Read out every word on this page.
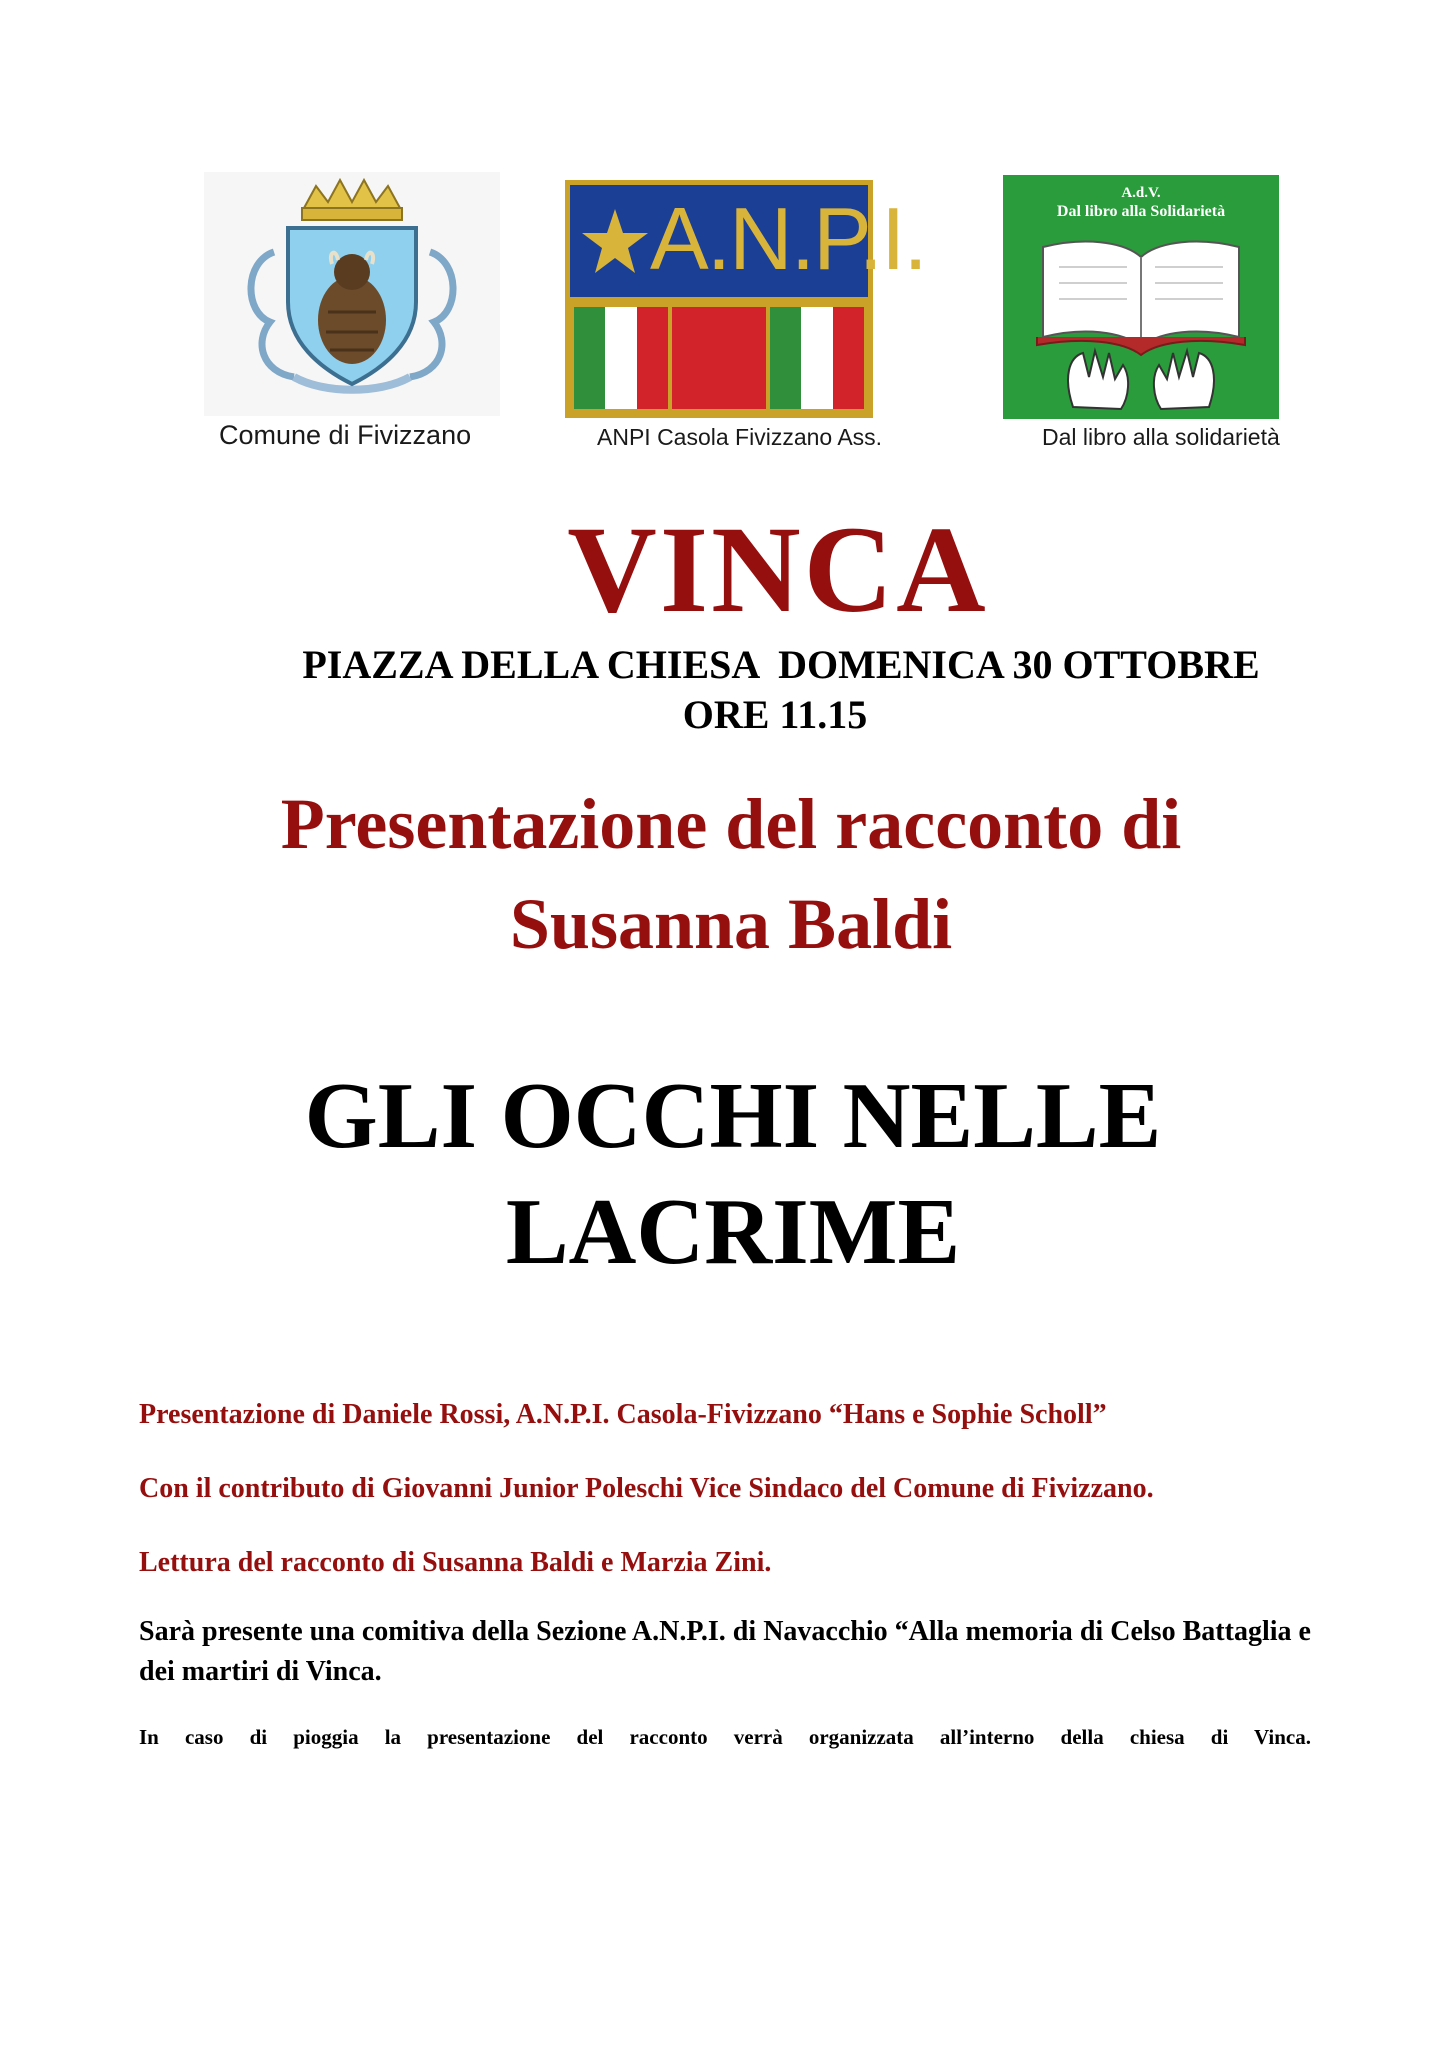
Comune di Fivizzano
A.N.P.I.
ANPI Casola Fivizzano Ass.
A.d.V.
Dal libro alla Solidarietà
Dal libro alla solidarietà
VINCA
PIAZZA DELLA CHIESA  DOMENICA 30 OTTOBRE
ORE 11.15
Presentazione del racconto di
Susanna Baldi
GLI OCCHI NELLE
LACRIME
Presentazione di Daniele Rossi, A.N.P.I. Casola-Fivizzano “Hans e Sophie Scholl”
Con il contributo di Giovanni Junior Poleschi Vice Sindaco del Comune di Fivizzano.
Lettura del racconto di Susanna Baldi e Marzia Zini.
Sarà presente una comitiva della Sezione A.N.P.I. di Navacchio “Alla memoria di Celso Battaglia e dei martiri di Vinca.
In caso di pioggia la presentazione del racconto verrà organizzata all’interno della chiesa di Vinca.
